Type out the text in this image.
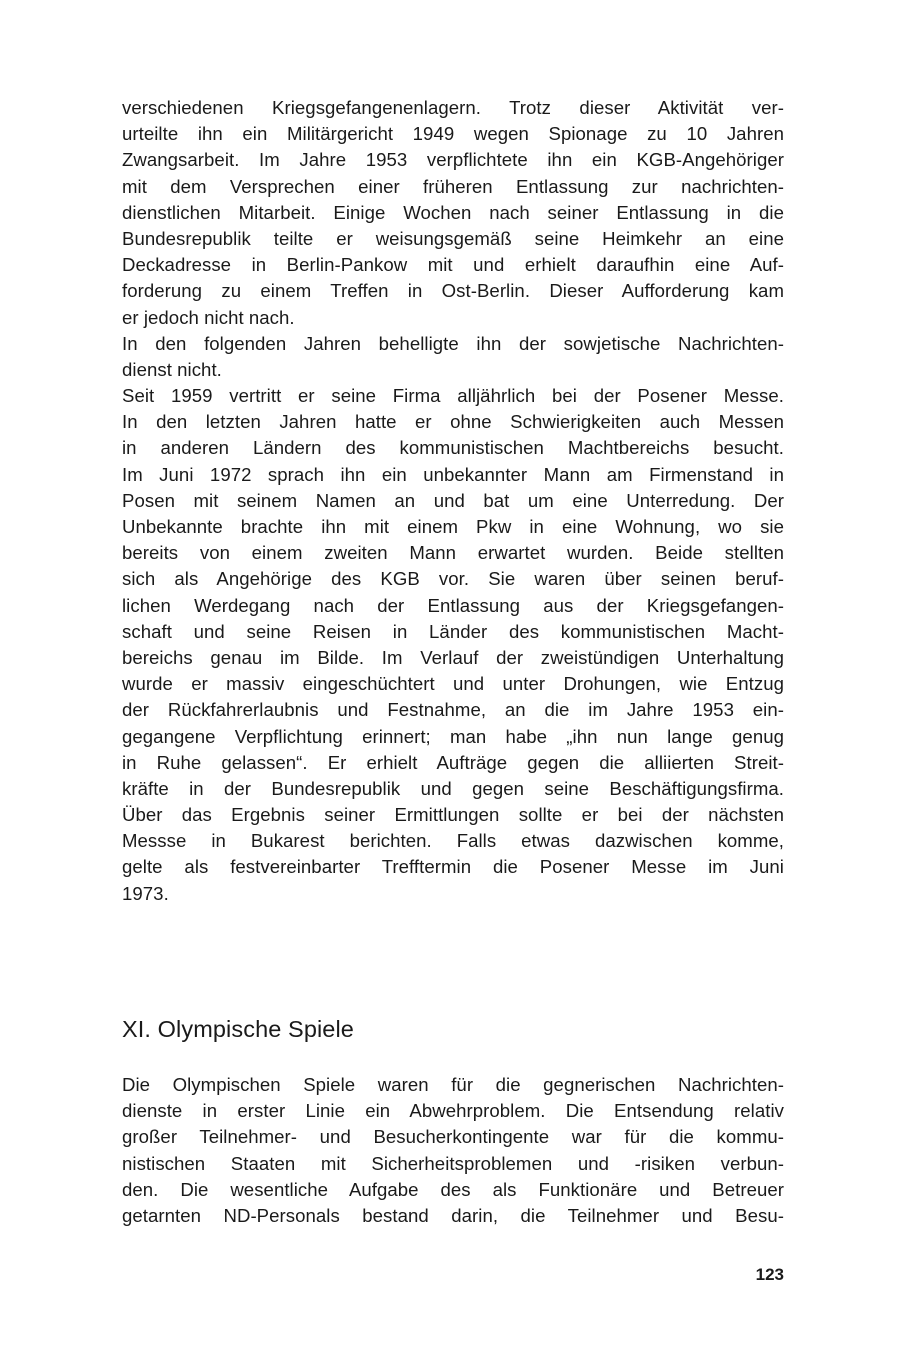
verschiedenen Kriegsgefangenenlagern. Trotz dieser Aktivität ver-
urteilte ihn ein Militärgericht 1949 wegen Spionage zu 10 Jahren
Zwangsarbeit. Im Jahre 1953 verpflichtete ihn ein KGB-Angehöriger
mit dem Versprechen einer früheren Entlassung zur nachrichten-
dienstlichen Mitarbeit. Einige Wochen nach seiner Entlassung in die
Bundesrepublik teilte er weisungsgemäß seine Heimkehr an eine
Deckadresse in Berlin-Pankow mit und erhielt daraufhin eine Auf-
forderung zu einem Treffen in Ost-Berlin. Dieser Aufforderung kam
er jedoch nicht nach.
In den folgenden Jahren behelligte ihn der sowjetische Nachrichten-
dienst nicht.
Seit 1959 vertritt er seine Firma alljährlich bei der Posener Messe.
In den letzten Jahren hatte er ohne Schwierigkeiten auch Messen
in anderen Ländern des kommunistischen Machtbereichs besucht.
Im Juni 1972 sprach ihn ein unbekannter Mann am Firmenstand in
Posen mit seinem Namen an und bat um eine Unterredung. Der
Unbekannte brachte ihn mit einem Pkw in eine Wohnung, wo sie
bereits von einem zweiten Mann erwartet wurden. Beide stellten
sich als Angehörige des KGB vor. Sie waren über seinen beruf-
lichen Werdegang nach der Entlassung aus der Kriegsgefangen-
schaft und seine Reisen in Länder des kommunistischen Macht-
bereichs genau im Bilde. Im Verlauf der zweistündigen Unterhaltung
wurde er massiv eingeschüchtert und unter Drohungen, wie Entzug
der Rückfahrerlaubnis und Festnahme, an die im Jahre 1953 ein-
gegangene Verpflichtung erinnert; man habe „ihn nun lange genug
in Ruhe gelassen“. Er erhielt Aufträge gegen die alliierten Streit-
kräfte in der Bundesrepublik und gegen seine Beschäftigungsfirma.
Über das Ergebnis seiner Ermittlungen sollte er bei der nächsten
Messse in Bukarest berichten. Falls etwas dazwischen komme,
gelte als festvereinbarter Trefftermin die Posener Messe im Juni
1973.
XI. Olympische Spiele
Die Olympischen Spiele waren für die gegnerischen Nachrichten-
dienste in erster Linie ein Abwehrproblem. Die Entsendung relativ
großer Teilnehmer- und Besucherkontingente war für die kommu-
nistischen Staaten mit Sicherheitsproblemen und -risiken verbun-
den. Die wesentliche Aufgabe des als Funktionäre und Betreuer
getarnten ND-Personals bestand darin, die Teilnehmer und Besu-
123
